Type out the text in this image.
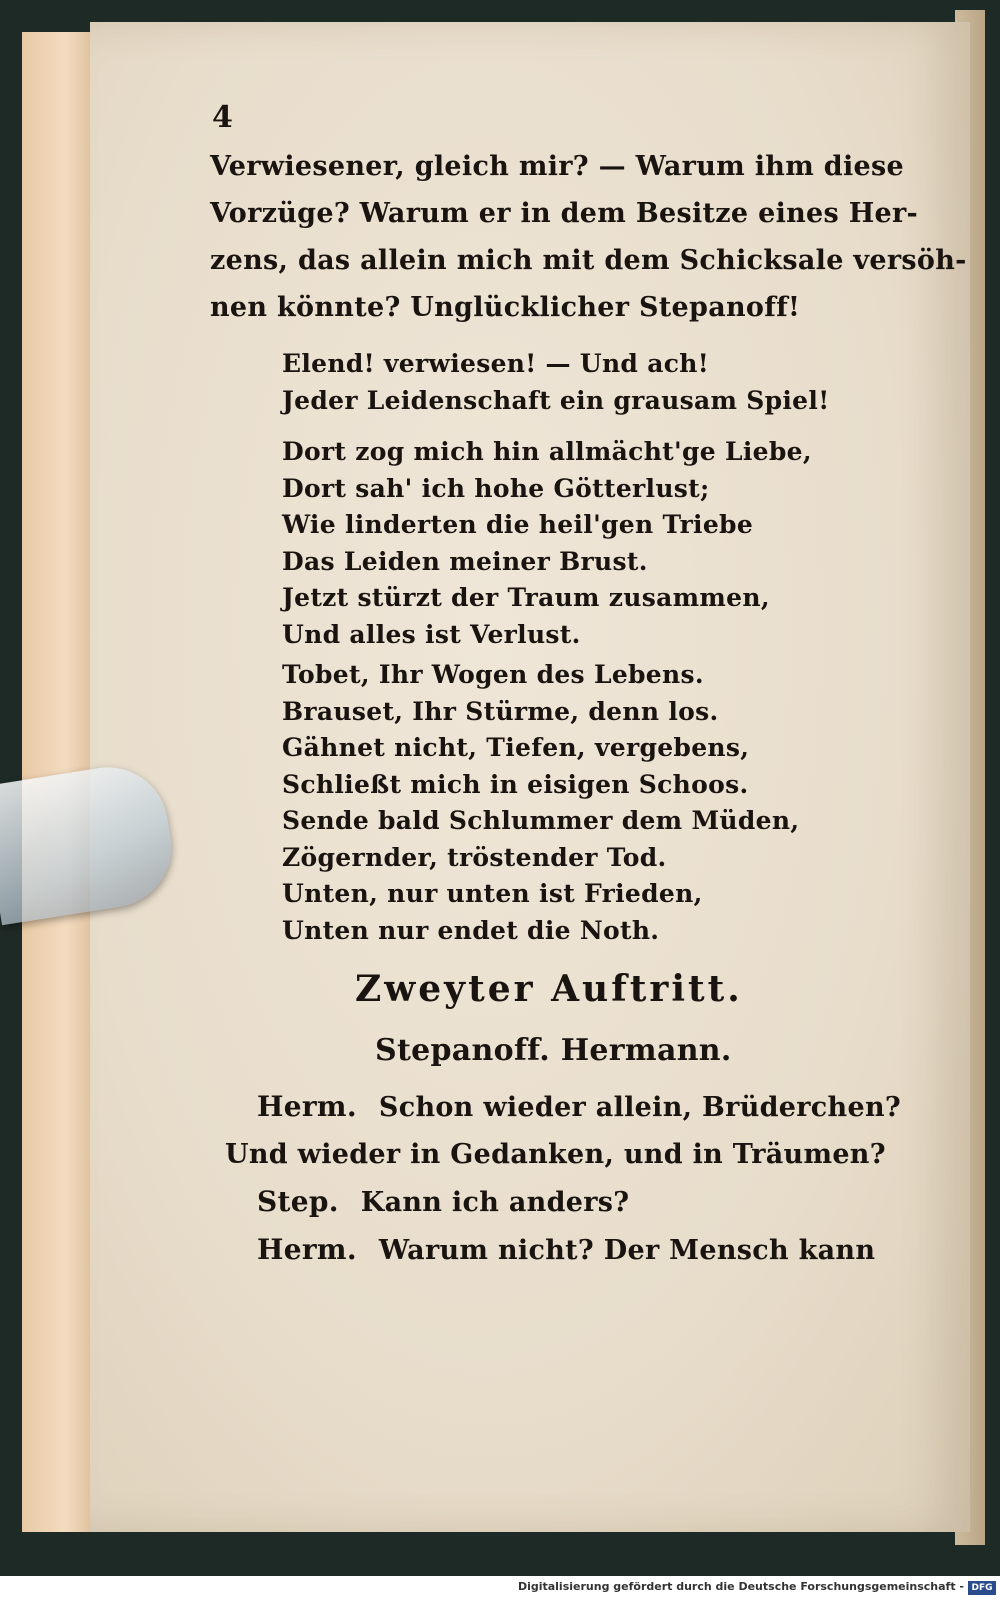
4
Verwiesener, gleich mir? — Warum ihm diese
Vorzüge? Warum er in dem Besitze eines Her-
zens, das allein mich mit dem Schicksale versöh-
nen könnte? Unglücklicher Stepanoff!
Elend! verwiesen! — Und ach!
Jeder Leidenschaft ein grausam Spiel!
Dort zog mich hin allmächt'ge Liebe,
Dort sah' ich hohe Götterlust;
Wie linderten die heil'gen Triebe
Das Leiden meiner Brust.
Jetzt stürzt der Traum zusammen,
Und alles ist Verlust.
Tobet, Ihr Wogen des Lebens.
Brauset, Ihr Stürme, denn los.
Gähnet nicht, Tiefen, vergebens,
Schließt mich in eisigen Schoos.
Sende bald Schlummer dem Müden,
Zögernder, tröstender Tod.
Unten, nur unten ist Frieden,
Unten nur endet die Noth.
Zweyter Auftritt.
Stepanoff. Hermann.
Herm. Schon wieder allein, Brüderchen?
Und wieder in Gedanken, und in Träumen?
Step. Kann ich anders?
Herm. Warum nicht? Der Mensch kann
Digitalisierung gefördert durch die Deutsche Forschungsgemeinschaft - DFG
